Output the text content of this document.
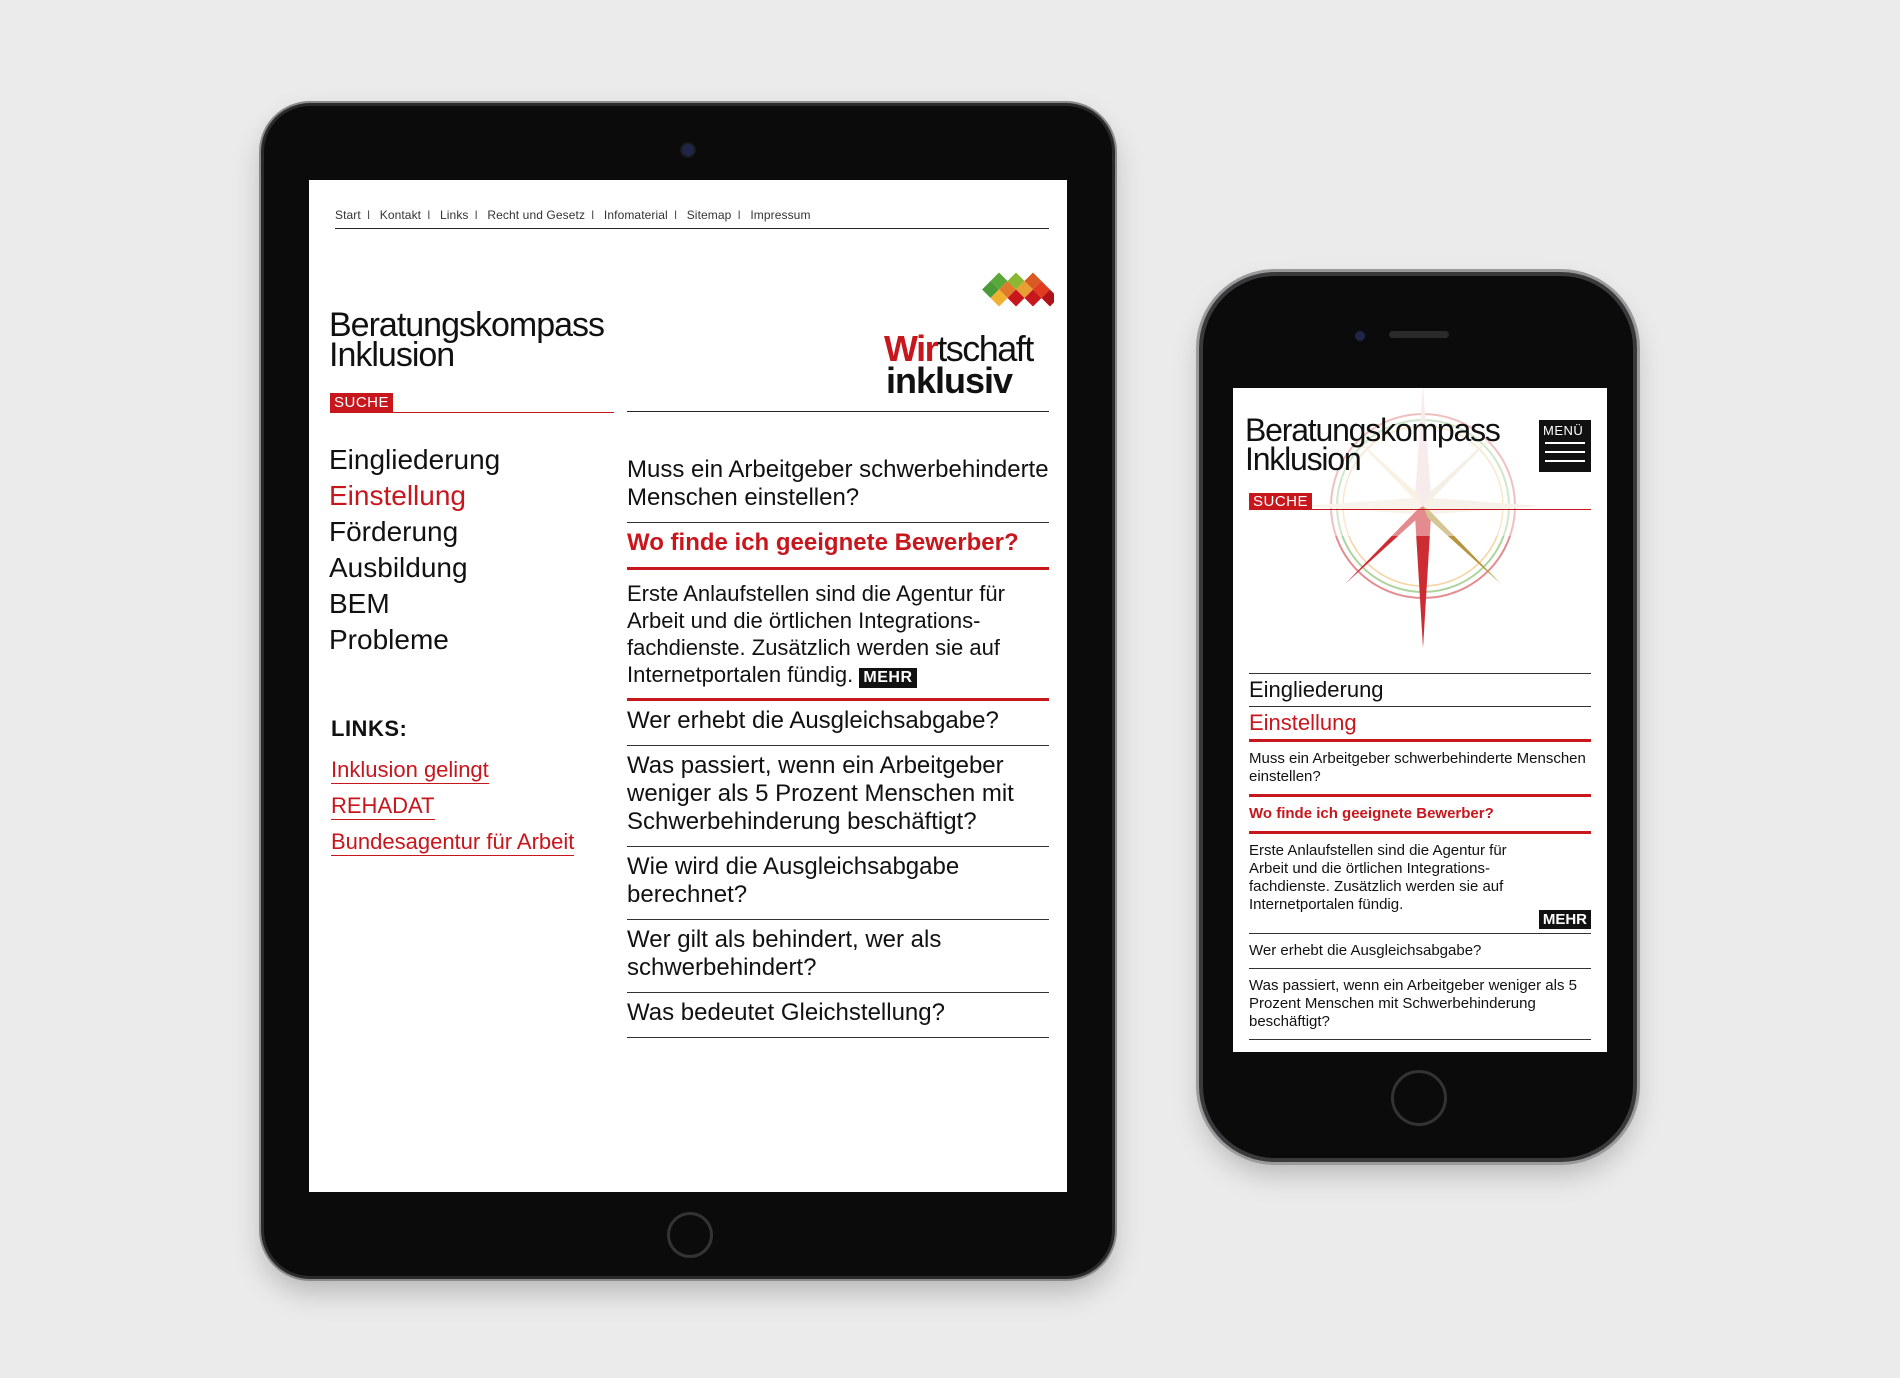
Start I Kontakt I Links I Recht und Gesetz I Infomaterial I Sitemap I Impressum
Beratungskompass
Inklusion
SUCHE
Wirtschaft
inklusiv
Eingliederung
Einstellung
Förderung
Ausbildung
BEM
Probleme
LINKS:
Inklusion gelingt
REHADAT
Bundesagentur für Arbeit
Muss ein Arbeitgeber schwerbehinderte Menschen einstellen?
Wo finde ich geeignete Bewerber?
Erste Anlaufstellen sind die Agentur für Arbeit und die örtlichen Integrations-fachdienste. Zusätzlich werden sie auf Internetportalen fündig. MEHR
Wer erhebt die Ausgleichsabgabe?
Was passiert, wenn ein Arbeitgeber weniger als 5 Prozent Menschen mit Schwerbehinderung beschäftigt?
Wie wird die Ausgleichsabgabe berechnet?
Wer gilt als behindert, wer als schwerbehindert?
Was bedeutet Gleichstellung?
Beratungskompass
Inklusion
MENÜ
SUCHE
Eingliederung
Einstellung
Muss ein Arbeitgeber schwerbehinderte Menschen einstellen?
Wo finde ich geeignete Bewerber?
Erste Anlaufstellen sind die Agentur für Arbeit und die örtlichen Integrations-fachdienste. Zusätzlich werden sie auf Internetportalen fündig.
MEHR
Wer erhebt die Ausgleichsabgabe?
Was passiert, wenn ein Arbeitgeber weniger als 5 Prozent Menschen mit Schwerbehinderung beschäftigt?
